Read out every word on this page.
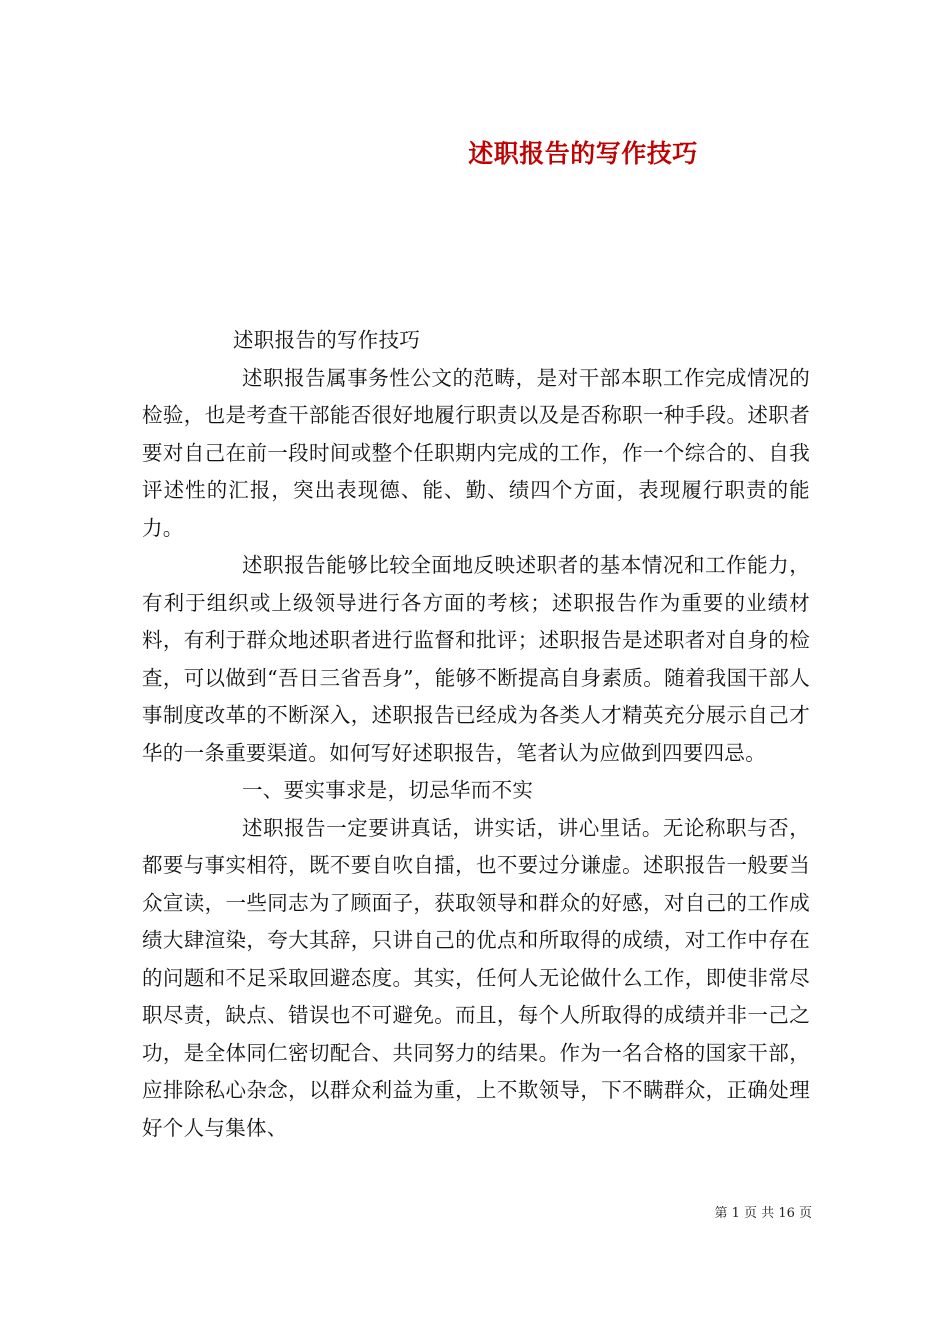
述职报告的写作技巧

述职报告的写作技巧

述职报告属事务性公文的范畴，是对干部本职工作完成情况的检验，也是考查干部能否很好地履行职责以及是否称职一种手段。述职者要对自己在前一段时间或整个任职期内完成的工作，作一个综合的、自我评述性的汇报，突出表现德、能、勤、绩四个方面，表现履行职责的能力。

述职报告能够比较全面地反映述职者的基本情况和工作能力，有利于组织或上级领导进行各方面的考核；述职报告作为重要的业绩材料，有利于群众地述职者进行监督和批评；述职报告是述职者对自身的检查，可以做到“吾日三省吾身”，能够不断提高自身素质。随着我国干部人事制度改革的不断深入，述职报告已经成为各类人才精英充分展示自己才华的一条重要渠道。如何写好述职报告，笔者认为应做到四要四忌。

一、要实事求是，切忌华而不实

述职报告一定要讲真话，讲实话，讲心里话。无论称职与否，都要与事实相符，既不要自吹自擂，也不要过分谦虚。述职报告一般要当众宣读，一些同志为了顾面子，获取领导和群众的好感，对自己的工作成绩大肆渲染，夸大其辞，只讲自己的优点和所取得的成绩，对工作中存在的问题和不足采取回避态度。其实，任何人无论做什么工作，即使非常尽职尽责，缺点、错误也不可避免。而且，每个人所取得的成绩并非一己之功，是全体同仁密切配合、共同努力的结果。作为一名合格的国家干部，应排除私心杂念，以群众利益为重，上不欺领导，下不瞒群众，正确处理好个人与集体、

第 1 页 共 16 页
